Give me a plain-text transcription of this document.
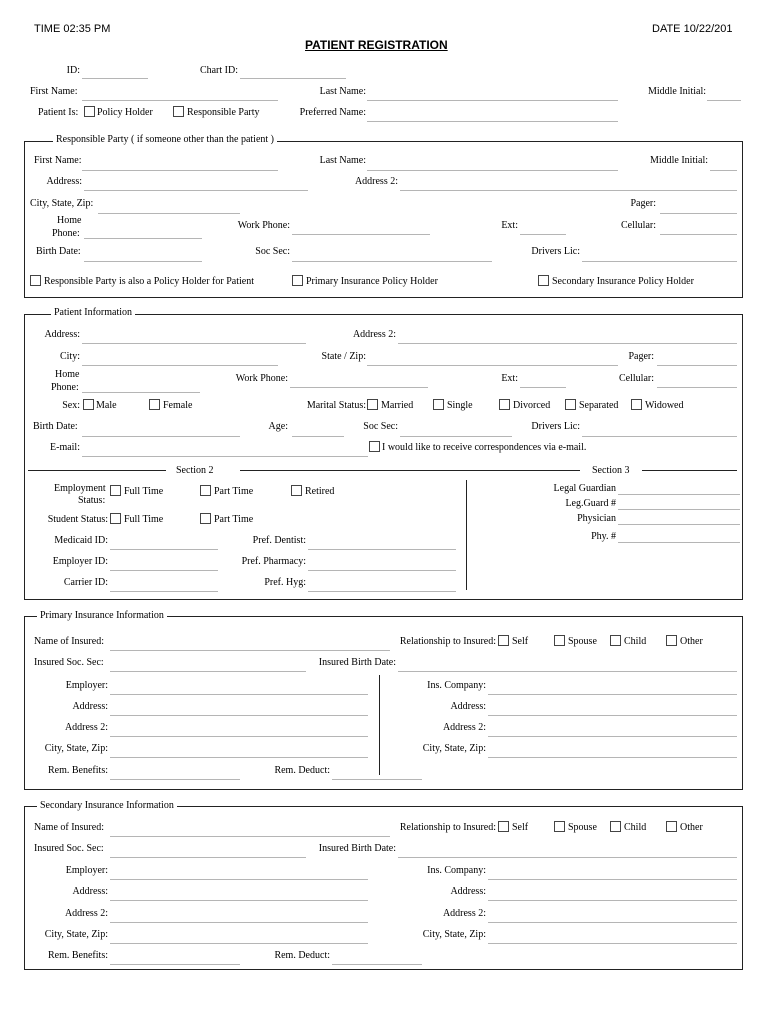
TIME 02:35 PM	DATE 10/22/201
PATIENT REGISTRATION
ID:	Chart ID:
First Name:	Last Name:	Middle Initial:
Patient Is: Policy Holder	Responsible Party	Preferred Name:
Responsible Party ( if someone other than the patient )
First Name:	Last Name:	Middle Initial:
Address:	Address 2:
City, State, Zip:	Pager:
Home
Phone:
Work Phone:	Ext:	Cellular:
Birth Date:	Soc Sec:	Drivers Lic:
Responsible Party is also a Policy Holder for Patient	Primary Insurance Policy Holder	Secondary Insurance Policy Holder
Patient Information
Address:	Address 2:
City:	State / Zip:	Pager:
Home
Phone:
Work Phone:	Ext:	Cellular:
Sex: Male	Female	Marital Status: Married	Single	Divorced	Separated	Widowed
Birth Date:	Age:	Soc Sec:	Drivers Lic:
E-mail:	I would like to receive correspondences via e-mail.
Section 2	Section 3
Employment
Status:
Full Time	Part Time	Retired
Student Status: Full Time	Part Time
Medicaid ID:	Pref. Dentist:
Employer ID:	Pref. Pharmacy:
Carrier ID:	Pref. Hyg:
Legal Guardian
Leg.Guard #
Physician
Phy. #
Primary Insurance Information
Name of Insured:	Relationship to Insured: Self	Spouse	Child	Other
Insured Soc. Sec:	Insured Birth Date:
Employer:	Ins. Company:
Address:	Address:
Address 2:	Address 2:
City, State, Zip:	City, State, Zip:
Rem. Benefits:	Rem. Deduct:
Secondary Insurance Information
Name of Insured:	Relationship to Insured: Self	Spouse	Child	Other
Insured Soc. Sec:	Insured Birth Date:
Employer:	Ins. Company:
Address:	Address:
Address 2:	Address 2:
City, State, Zip:	City, State, Zip:
Rem. Benefits:	Rem. Deduct:
